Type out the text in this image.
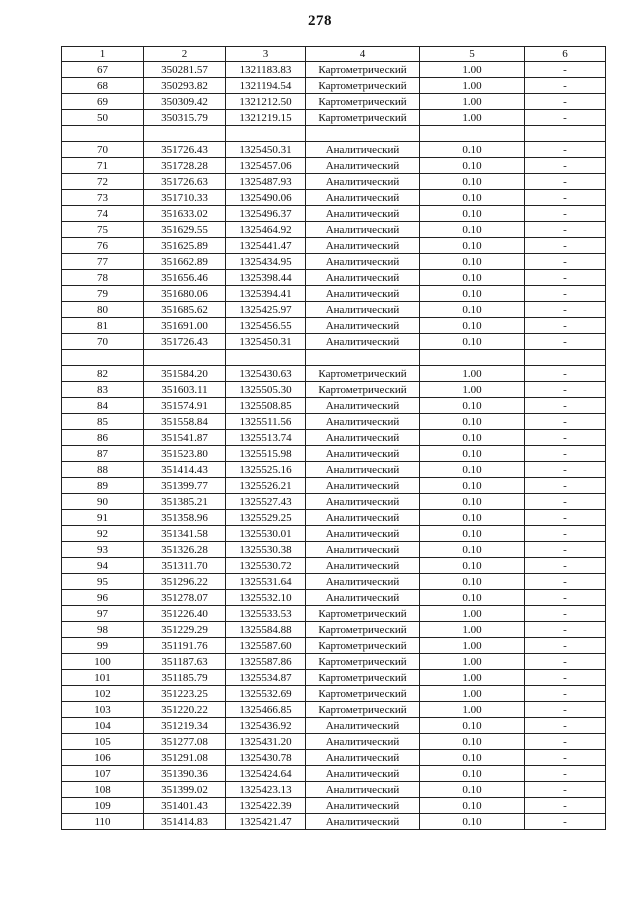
278
1	2	3	4	5	6
67	350281.57	1321183.83	Картометрический	1.00	-
68	350293.82	1321194.54	Картометрический	1.00	-
69	350309.42	1321212.50	Картометрический	1.00	-
50	350315.79	1321219.15	Картометрический	1.00	-

70	351726.43	1325450.31	Аналитический	0.10	-
71	351728.28	1325457.06	Аналитический	0.10	-
72	351726.63	1325487.93	Аналитический	0.10	-
73	351710.33	1325490.06	Аналитический	0.10	-
74	351633.02	1325496.37	Аналитический	0.10	-
75	351629.55	1325464.92	Аналитический	0.10	-
76	351625.89	1325441.47	Аналитический	0.10	-
77	351662.89	1325434.95	Аналитический	0.10	-
78	351656.46	1325398.44	Аналитический	0.10	-
79	351680.06	1325394.41	Аналитический	0.10	-
80	351685.62	1325425.97	Аналитический	0.10	-
81	351691.00	1325456.55	Аналитический	0.10	-
70	351726.43	1325450.31	Аналитический	0.10	-

82	351584.20	1325430.63	Картометрический	1.00	-
83	351603.11	1325505.30	Картометрический	1.00	-
84	351574.91	1325508.85	Аналитический	0.10	-
85	351558.84	1325511.56	Аналитический	0.10	-
86	351541.87	1325513.74	Аналитический	0.10	-
87	351523.80	1325515.98	Аналитический	0.10	-
88	351414.43	1325525.16	Аналитический	0.10	-
89	351399.77	1325526.21	Аналитический	0.10	-
90	351385.21	1325527.43	Аналитический	0.10	-
91	351358.96	1325529.25	Аналитический	0.10	-
92	351341.58	1325530.01	Аналитический	0.10	-
93	351326.28	1325530.38	Аналитический	0.10	-
94	351311.70	1325530.72	Аналитический	0.10	-
95	351296.22	1325531.64	Аналитический	0.10	-
96	351278.07	1325532.10	Аналитический	0.10	-
97	351226.40	1325533.53	Картометрический	1.00	-
98	351229.29	1325584.88	Картометрический	1.00	-
99	351191.76	1325587.60	Картометрический	1.00	-
100	351187.63	1325587.86	Картометрический	1.00	-
101	351185.79	1325534.87	Картометрический	1.00	-
102	351223.25	1325532.69	Картометрический	1.00	-
103	351220.22	1325466.85	Картометрический	1.00	-
104	351219.34	1325436.92	Аналитический	0.10	-
105	351277.08	1325431.20	Аналитический	0.10	-
106	351291.08	1325430.78	Аналитический	0.10	-
107	351390.36	1325424.64	Аналитический	0.10	-
108	351399.02	1325423.13	Аналитический	0.10	-
109	351401.43	1325422.39	Аналитический	0.10	-
110	351414.83	1325421.47	Аналитический	0.10	-
